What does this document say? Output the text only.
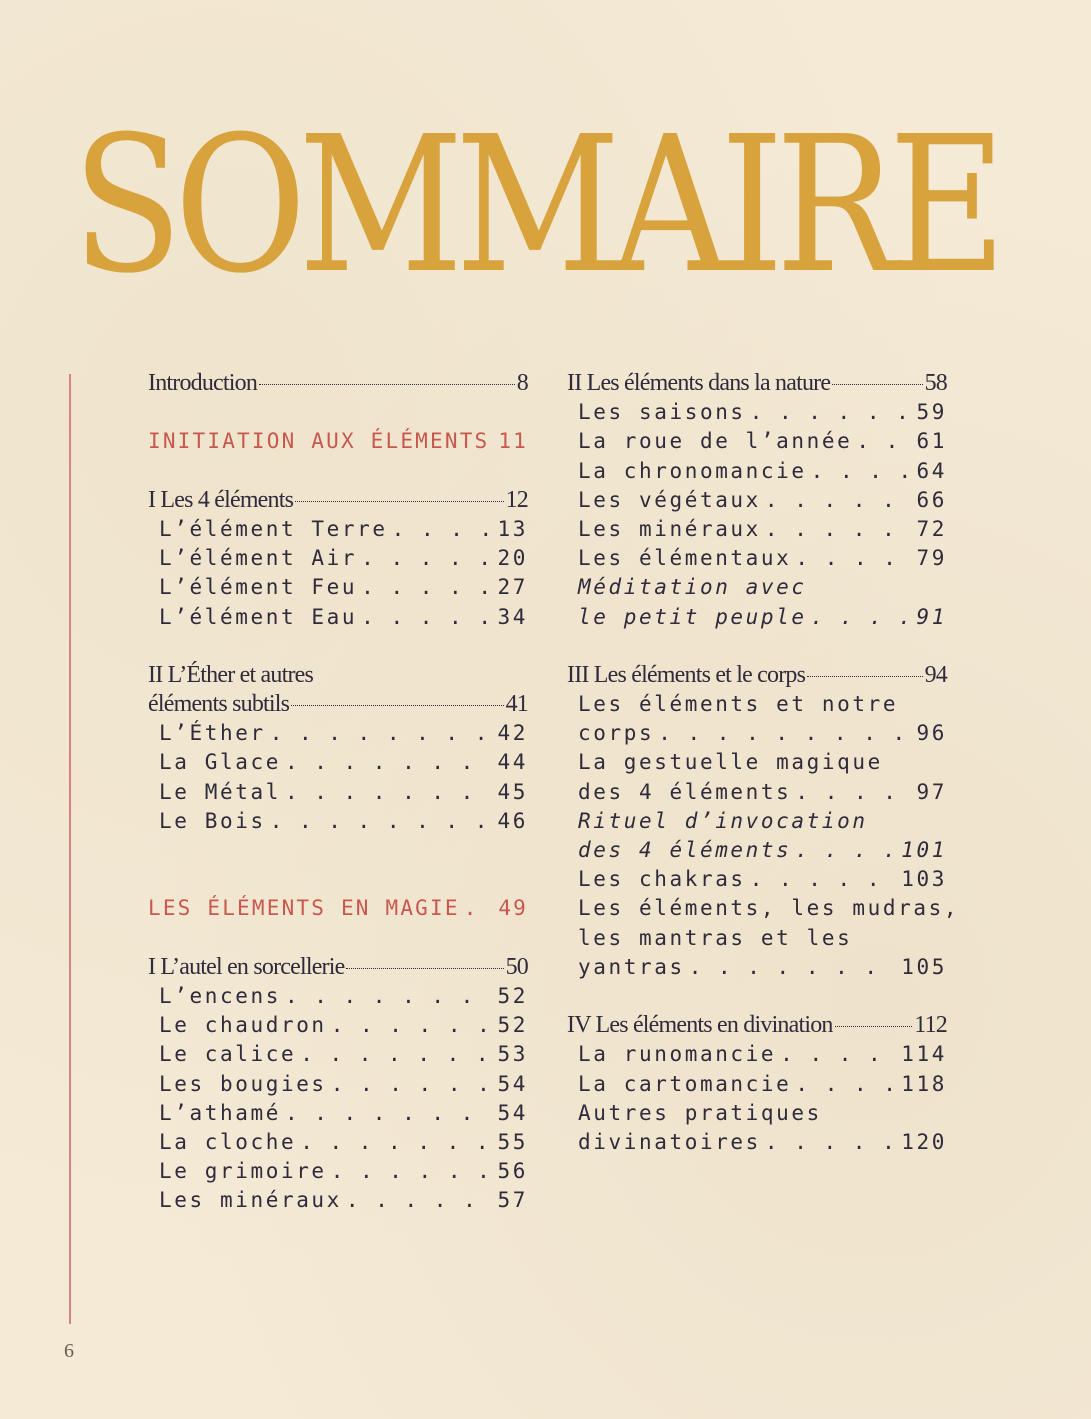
SOMMAIRE
Introduction	8
INITIATION AUX ÉLÉMENTS . . . 11
I Les 4 éléments	12
L’élément Terre . . .	13
L’élément Air . . .	20
L’élément Feu . . .	27
L’élément Eau . . .	34
II L’Éther et autres
éléments subtils	41
L’Éther . . .	42
La Glace . . .	44
Le Métal . . .	45
Le Bois . . .	46
LES ÉLÉMENTS EN MAGIE . . . 49
I L’autel en sorcellerie	50
L’encens . . .	52
Le chaudron . . .	52
Le calice . . .	53
Les bougies . . .	54
L’athamé . . .	54
La cloche . . .	55
Le grimoire . . .	56
Les minéraux . . .	57
II Les éléments dans la nature	58
Les saisons . . .	59
La roue de l’année . . .	61
La chronomancie . . .	64
Les végétaux . . .	66
Les minéraux . . .	72
Les élémentaux . . .	79
Méditation avec
le petit peuple . . .	91
III Les éléments et le corps	94
Les éléments et notre
corps . . .	96
La gestuelle magique
des 4 éléments . . .	97
Rituel d’invocation
des 4 éléments . . .	101
Les chakras . . .	103
Les éléments, les mudras,
les mantras et les
yantras . . .	105
IV Les éléments en divination	112
La runomancie . . .	114
La cartomancie . . .	118
Autres pratiques
divinatoires . . .	120
6
